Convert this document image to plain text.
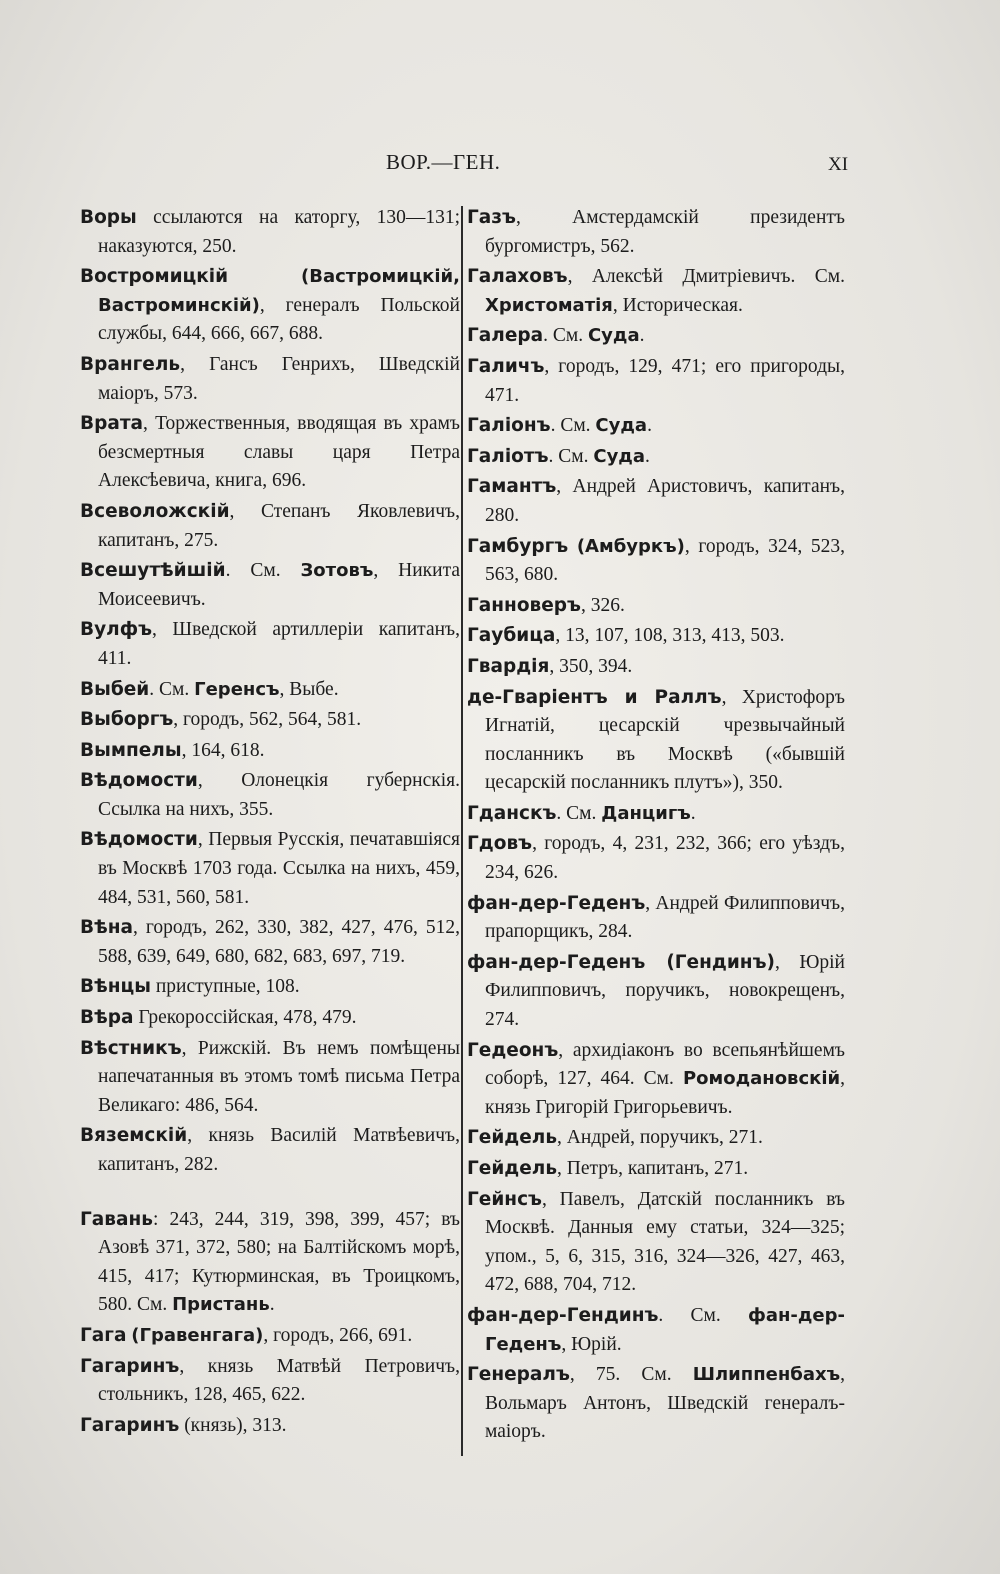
ВОР.—ГЕН.	XI

Воры ссылаются на каторгу, 130—131; наказуются, 250.

Востромицкій	(Вастромицкій, Вастроминскій), генералъ Польской службы, 644, 666, 667, 688.

Врангель, Гансъ Генрихъ, Шведскій маіоръ, 573.

Врата, Торжественныя, вводящая въ храмъ безсмертныя славы царя Петра Алексѣевича, книга, 696.

Всеволожскій, Степанъ Яковлевичъ, капитанъ, 275.

Всешутѣйшій. См. Зотовъ, Никита Моисеевичъ.

Вулфъ, Шведской артиллеріи капитанъ, 411.

Выбей. См. Геренсъ, Выбе.

Выборгъ, городъ, 562, 564, 581.

Вымпелы, 164, 618.

Вѣдомости, Олонецкія губернскія. Ссылка на нихъ, 355.

Вѣдомости, Первыя Русскія, печатавшіяся въ Москвѣ 1703 года. Ссылка на нихъ, 459, 484, 531, 560, 581.

Вѣна, городъ, 262, 330, 382, 427, 476, 512, 588, 639, 649, 680, 682, 683, 697, 719.

Вѣнцы приступные, 108.

Вѣра Грекороссійская, 478, 479.

Вѣстникъ, Рижскій. Въ немъ помѣщены напечатанныя въ этомъ томѣ письма Петра Великаго: 486, 564.

Вяземскій, князь Василій Матвѣевичъ, капитанъ, 282.

Гавань: 243, 244, 319, 398, 399, 457; въ Азовѣ 371, 372, 580; на Балтійскомъ морѣ, 415, 417; Кутюрминская, въ Троицкомъ, 580. См. Пристань.

Гага (Гравенгага), городъ, 266, 691.

Гагаринъ, князь Матвѣй Петровичъ, стольникъ, 128, 465, 622.

Гагаринъ (князь), 313.

Газъ, Амстердамскій президентъ бургомистръ, 562.

Галаховъ, Алексѣй Дмитріевичъ. См. Христоматія, Историческая.

Галера. См. Суда.

Галичъ, городъ, 129, 471; его пригороды, 471.

Галіонъ. См. Суда.

Галіотъ. См. Суда.

Гамантъ, Андрей Аристовичъ, капитанъ, 280.

Гамбургъ (Амбуркъ), городъ, 324, 523, 563, 680.

Ганноверъ, 326.

Гаубица, 13, 107, 108, 313, 413, 503.

Гвардія, 350, 394.

де-Гваріентъ и Раллъ, Христофоръ Игнатій, цесарскій чрезвычайный посланникъ въ Москвѣ («бывшій цесарскій посланникъ плутъ»), 350.

Гданскъ. См. Данцигъ.

Гдовъ, городъ, 4, 231, 232, 366; его уѣздъ, 234, 626.

фан-дер-Геденъ, Андрей Филипповичъ, прапорщикъ, 284.

фан-дер-Геденъ (Гендинъ), Юрій Филипповичъ, поручикъ, новокрещенъ, 274.

Гедеонъ, архидіаконъ во всепьянѣйшемъ соборѣ, 127, 464. См. Ромодановскій, князь Григорій Григорьевичъ.

Гейдель, Андрей, поручикъ, 271.

Гейдель, Петръ, капитанъ, 271.

Гейнсъ, Павелъ, Датскій посланникъ въ Москвѣ. Данныя ему статьи, 324—325; упом., 5, 6, 315, 316, 324—326, 427, 463, 472, 688, 704, 712.

фан-дер-Гендинъ. См. фан-дер-Геденъ, Юрій.

Генералъ, 75. См. Шлиппенбахъ, Вольмаръ Антонъ, Шведскій генералъ-маіоръ.
